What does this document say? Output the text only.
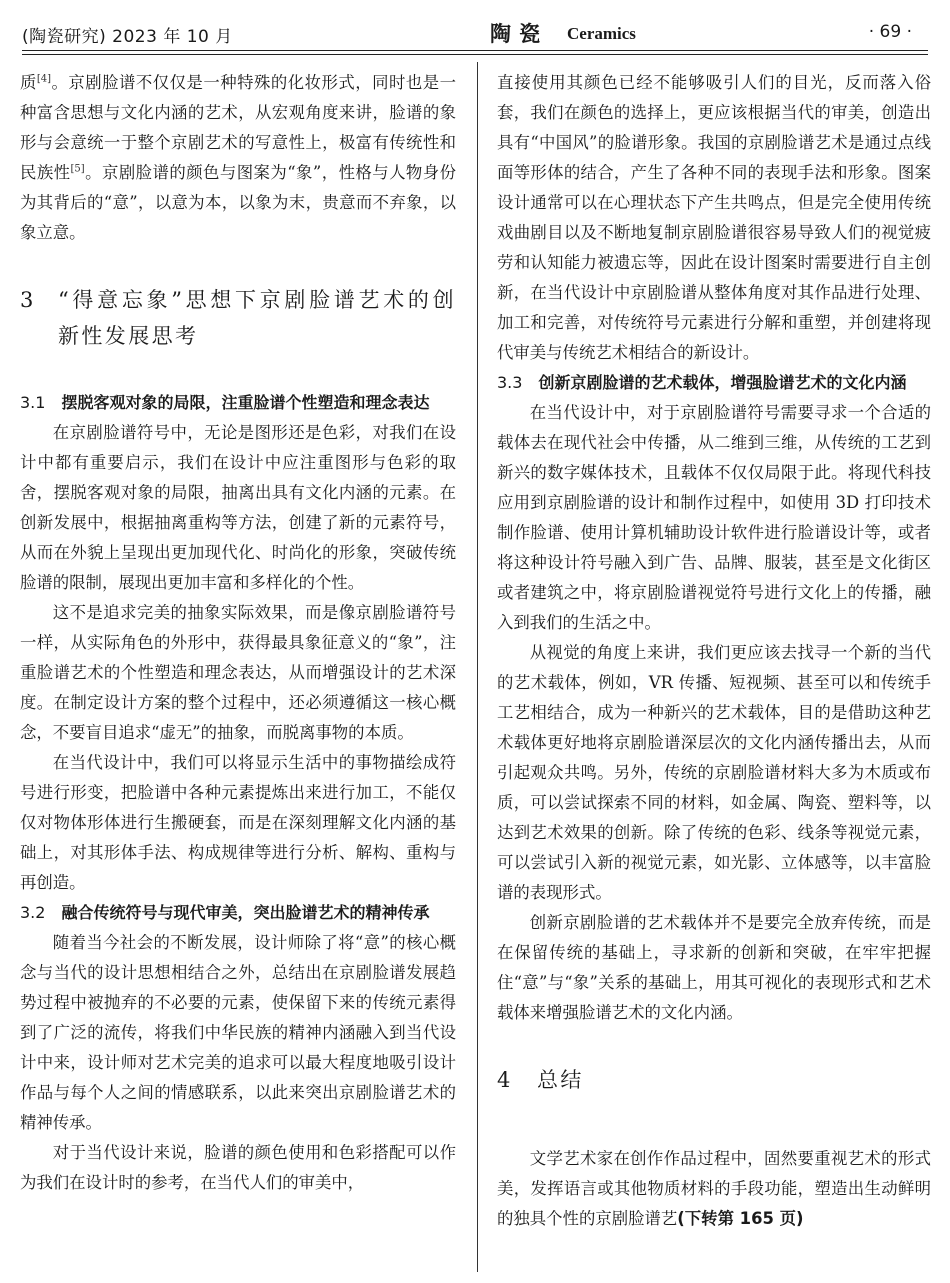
(陶瓷研究) 2023 年 10 月	陶瓷 Ceramics	· 69 ·

质[4]。京剧脸谱不仅仅是一种特殊的化妆形式，同时也是一种富含思想与文化内涵的艺术，从宏观角度来讲，脸谱的象形与会意统一于整个京剧艺术的写意性上，极富有传统性和民族性[5]。京剧脸谱的颜色与图案为“象”，性格与人物身份为其背后的“意”，以意为本，以象为末，贵意而不弃象，以象立意。

3	“得意忘象”思想下京剧脸谱艺术的创新性发展思考

3.1 摆脱客观对象的局限，注重脸谱个性塑造和理念表达

在京剧脸谱符号中，无论是图形还是色彩，对我们在设计中都有重要启示，我们在设计中应注重图形与色彩的取舍，摆脱客观对象的局限，抽离出具有文化内涵的元素。在创新发展中，根据抽离重构等方法，创建了新的元素符号，从而在外貌上呈现出更加现代化、时尚化的形象，突破传统脸谱的限制，展现出更加丰富和多样化的个性。

这不是追求完美的抽象实际效果，而是像京剧脸谱符号一样，从实际角色的外形中，获得最具象征意义的“象”，注重脸谱艺术的个性塑造和理念表达，从而增强设计的艺术深度。在制定设计方案的整个过程中，还必须遵循这一核心概念，不要盲目追求“虚无”的抽象，而脱离事物的本质。

在当代设计中，我们可以将显示生活中的事物描绘成符号进行形变，把脸谱中各种元素提炼出来进行加工，不能仅仅对物体形体进行生搬硬套，而是在深刻理解文化内涵的基础上，对其形体手法、构成规律等进行分析、解构、重构与再创造。

3.2 融合传统符号与现代审美，突出脸谱艺术的精神传承

随着当今社会的不断发展，设计师除了将“意”的核心概念与当代的设计思想相结合之外，总结出在京剧脸谱发展趋势过程中被抛弃的不必要的元素，使保留下来的传统元素得到了广泛的流传，将我们中华民族的精神内涵融入到当代设计中来，设计师对艺术完美的追求可以最大程度地吸引设计作品与每个人之间的情感联系，以此来突出京剧脸谱艺术的精神传承。

对于当代设计来说，脸谱的颜色使用和色彩搭配可以作为我们在设计时的参考，在当代人们的审美中，

直接使用其颜色已经不能够吸引人们的目光，反而落入俗套，我们在颜色的选择上，更应该根据当代的审美，创造出具有“中国风”的脸谱形象。我国的京剧脸谱艺术是通过点线面等形体的结合，产生了各种不同的表现手法和形象。图案设计通常可以在心理状态下产生共鸣点，但是完全使用传统戏曲剧目以及不断地复制京剧脸谱很容易导致人们的视觉疲劳和认知能力被遗忘等，因此在设计图案时需要进行自主创新，在当代设计中京剧脸谱从整体角度对其作品进行处理、加工和完善，对传统符号元素进行分解和重塑，并创建将现代审美与传统艺术相结合的新设计。

3.3 创新京剧脸谱的艺术载体，增强脸谱艺术的文化内涵

在当代设计中，对于京剧脸谱符号需要寻求一个合适的载体去在现代社会中传播，从二维到三维，从传统的工艺到新兴的数字媒体技术，且载体不仅仅局限于此。将现代科技应用到京剧脸谱的设计和制作过程中，如使用 3D 打印技术制作脸谱、使用计算机辅助设计软件进行脸谱设计等，或者将这种设计符号融入到广告、品牌、服装，甚至是文化街区或者建筑之中，将京剧脸谱视觉符号进行文化上的传播，融入到我们的生活之中。

从视觉的角度上来讲，我们更应该去找寻一个新的当代的艺术载体，例如，VR 传播、短视频、甚至可以和传统手工艺相结合，成为一种新兴的艺术载体，目的是借助这种艺术载体更好地将京剧脸谱深层次的文化内涵传播出去，从而引起观众共鸣。另外，传统的京剧脸谱材料大多为木质或布质，可以尝试探索不同的材料，如金属、陶瓷、塑料等，以达到艺术效果的创新。除了传统的色彩、线条等视觉元素，可以尝试引入新的视觉元素，如光影、立体感等，以丰富脸谱的表现形式。

创新京剧脸谱的艺术载体并不是要完全放弃传统，而是在保留传统的基础上，寻求新的创新和突破，在牢牢把握住“意”与“象”关系的基础上，用其可视化的表现形式和艺术载体来增强脸谱艺术的文化内涵。

4	总结

文学艺术家在创作作品过程中，固然要重视艺术的形式美，发挥语言或其他物质材料的手段功能，塑造出生动鲜明的独具个性的京剧脸谱艺(下转第 165 页)
